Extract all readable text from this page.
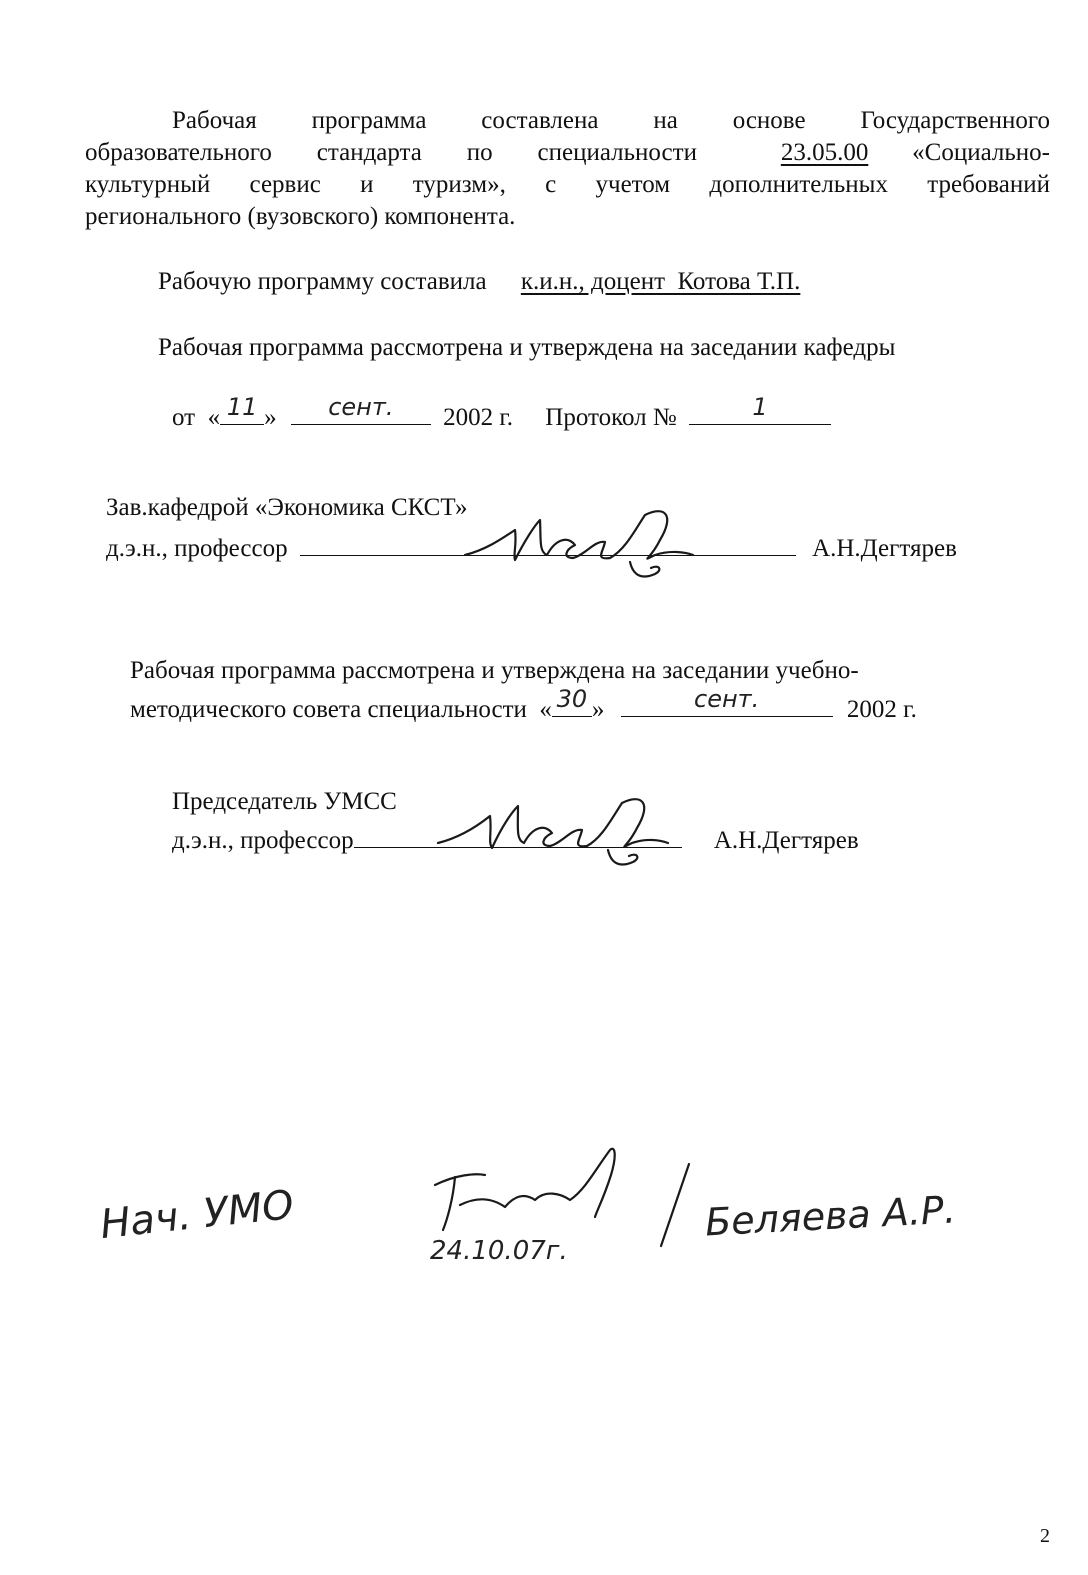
Рабочая программа составлена на основе Государственного
образовательного стандарта по специальности	23.05.00 «Социально-
культурный сервис и туризм», с учетом дополнительных требований
регионального (вузовского) компонента.
Рабочую программу составила к.и.н., доцент  Котова Т.П.
Рабочая программа рассмотрена и утверждена на заседании кафедры
от  « 11 »	сент.	2002 г. Протокол №	1
Зав.кафедрой «Экономика СКСТ»
д.э.н., профессор	А.Н.Дегтярев
Рабочая программа рассмотрена и утверждена на заседании учебно-
методического совета специальности  « 30 »	сент.	2002 г.
Председатель УМСС
д.э.н., профессор	А.Н.Дегтярев
Нач. УМО
24.10.07г.
Беляева А.Р.
2
